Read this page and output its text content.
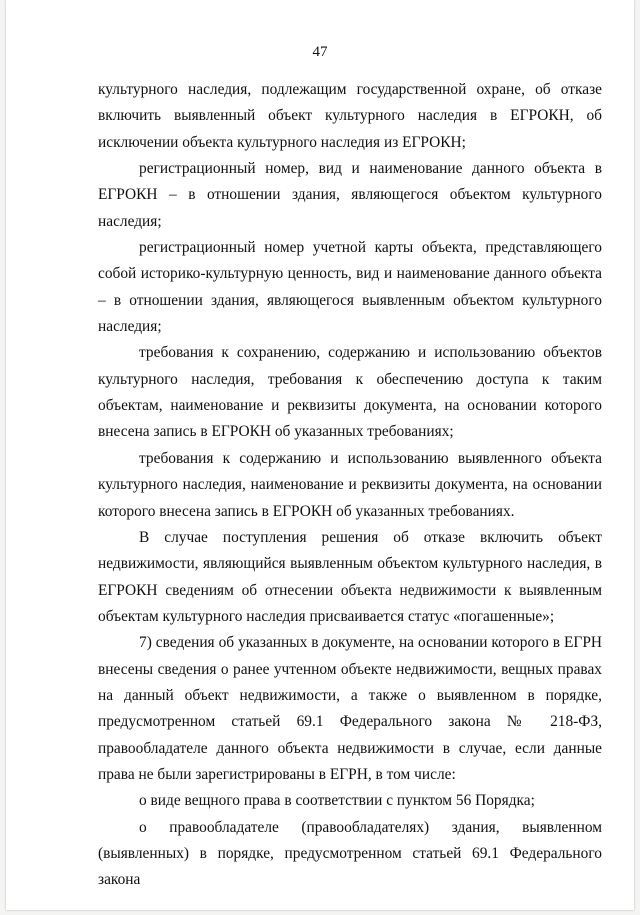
47

культурного наследия, подлежащим государственной охране, об отказе включить выявленный объект культурного наследия в ЕГРОКН, об исключении объекта культурного наследия из ЕГРОКН;

регистрационный номер, вид и наименование данного объекта в ЕГРОКН – в отношении здания, являющегося объектом культурного наследия;

регистрационный номер учетной карты объекта, представляющего собой историко-культурную ценность, вид и наименование данного объекта – в отношении здания, являющегося выявленным объектом культурного наследия;

требования к сохранению, содержанию и использованию объектов культурного наследия, требования к обеспечению доступа к таким объектам, наименование и реквизиты документа, на основании которого внесена запись в ЕГРОКН об указанных требованиях;

требования к содержанию и использованию выявленного объекта культурного наследия, наименование и реквизиты документа, на основании которого внесена запись в ЕГРОКН об указанных требованиях.

В случае поступления решения об отказе включить объект недвижимости, являющийся выявленным объектом культурного наследия, в ЕГРОКН сведениям об отнесении объекта недвижимости к выявленным объектам культурного наследия присваивается статус «погашенные»;

7) сведения об указанных в документе, на основании которого в ЕГРН внесены сведения о ранее учтенном объекте недвижимости, вещных правах на данный объект недвижимости, а также о выявленном в порядке, предусмотренном статьей 69.1 Федерального закона № 218-ФЗ, правообладателе данного объекта недвижимости в случае, если данные права не были зарегистрированы в ЕГРН, в том числе:

о виде вещного права в соответствии с пунктом 56 Порядка;

о правообладателе (правообладателях) здания, выявленном (выявленных) в порядке, предусмотренном статьей 69.1 Федерального закона
